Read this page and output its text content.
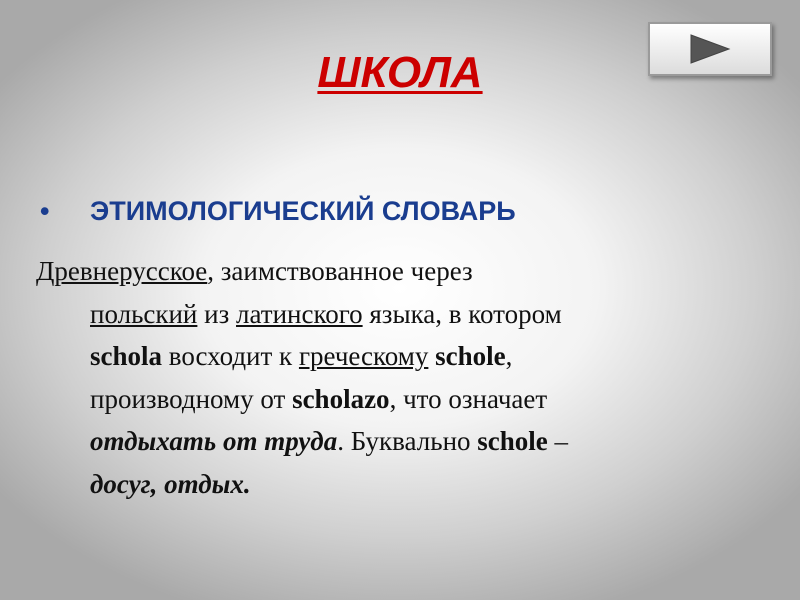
ШКОЛА
• ЭТИМОЛОГИЧЕСКИЙ СЛОВАРЬ
Древнерусское, заимствованное через
польский из латинского языка, в котором
schola восходит к греческому schole,
производному от scholazo, что означает
отдыхать от труда. Буквально schole –
досуг, отдых.
